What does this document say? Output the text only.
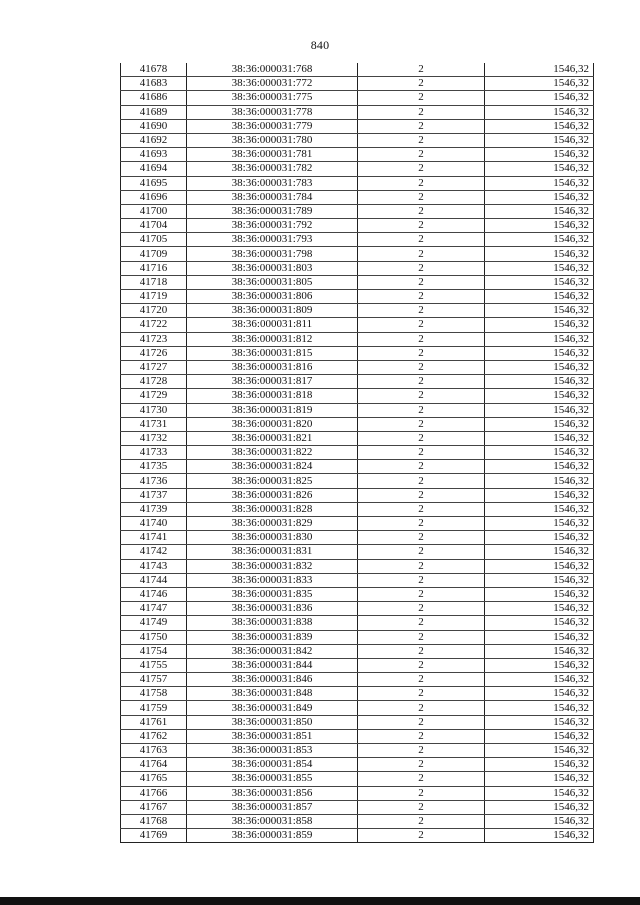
840
41678	38:36:000031:768	2	1546,32
41683	38:36:000031:772	2	1546,32
41686	38:36:000031:775	2	1546,32
41689	38:36:000031:778	2	1546,32
41690	38:36:000031:779	2	1546,32
41692	38:36:000031:780	2	1546,32
41693	38:36:000031:781	2	1546,32
41694	38:36:000031:782	2	1546,32
41695	38:36:000031:783	2	1546,32
41696	38:36:000031:784	2	1546,32
41700	38:36:000031:789	2	1546,32
41704	38:36:000031:792	2	1546,32
41705	38:36:000031:793	2	1546,32
41709	38:36:000031:798	2	1546,32
41716	38:36:000031:803	2	1546,32
41718	38:36:000031:805	2	1546,32
41719	38:36:000031:806	2	1546,32
41720	38:36:000031:809	2	1546,32
41722	38:36:000031:811	2	1546,32
41723	38:36:000031:812	2	1546,32
41726	38:36:000031:815	2	1546,32
41727	38:36:000031:816	2	1546,32
41728	38:36:000031:817	2	1546,32
41729	38:36:000031:818	2	1546,32
41730	38:36:000031:819	2	1546,32
41731	38:36:000031:820	2	1546,32
41732	38:36:000031:821	2	1546,32
41733	38:36:000031:822	2	1546,32
41735	38:36:000031:824	2	1546,32
41736	38:36:000031:825	2	1546,32
41737	38:36:000031:826	2	1546,32
41739	38:36:000031:828	2	1546,32
41740	38:36:000031:829	2	1546,32
41741	38:36:000031:830	2	1546,32
41742	38:36:000031:831	2	1546,32
41743	38:36:000031:832	2	1546,32
41744	38:36:000031:833	2	1546,32
41746	38:36:000031:835	2	1546,32
41747	38:36:000031:836	2	1546,32
41749	38:36:000031:838	2	1546,32
41750	38:36:000031:839	2	1546,32
41754	38:36:000031:842	2	1546,32
41755	38:36:000031:844	2	1546,32
41757	38:36:000031:846	2	1546,32
41758	38:36:000031:848	2	1546,32
41759	38:36:000031:849	2	1546,32
41761	38:36:000031:850	2	1546,32
41762	38:36:000031:851	2	1546,32
41763	38:36:000031:853	2	1546,32
41764	38:36:000031:854	2	1546,32
41765	38:36:000031:855	2	1546,32
41766	38:36:000031:856	2	1546,32
41767	38:36:000031:857	2	1546,32
41768	38:36:000031:858	2	1546,32
41769	38:36:000031:859	2	1546,32
